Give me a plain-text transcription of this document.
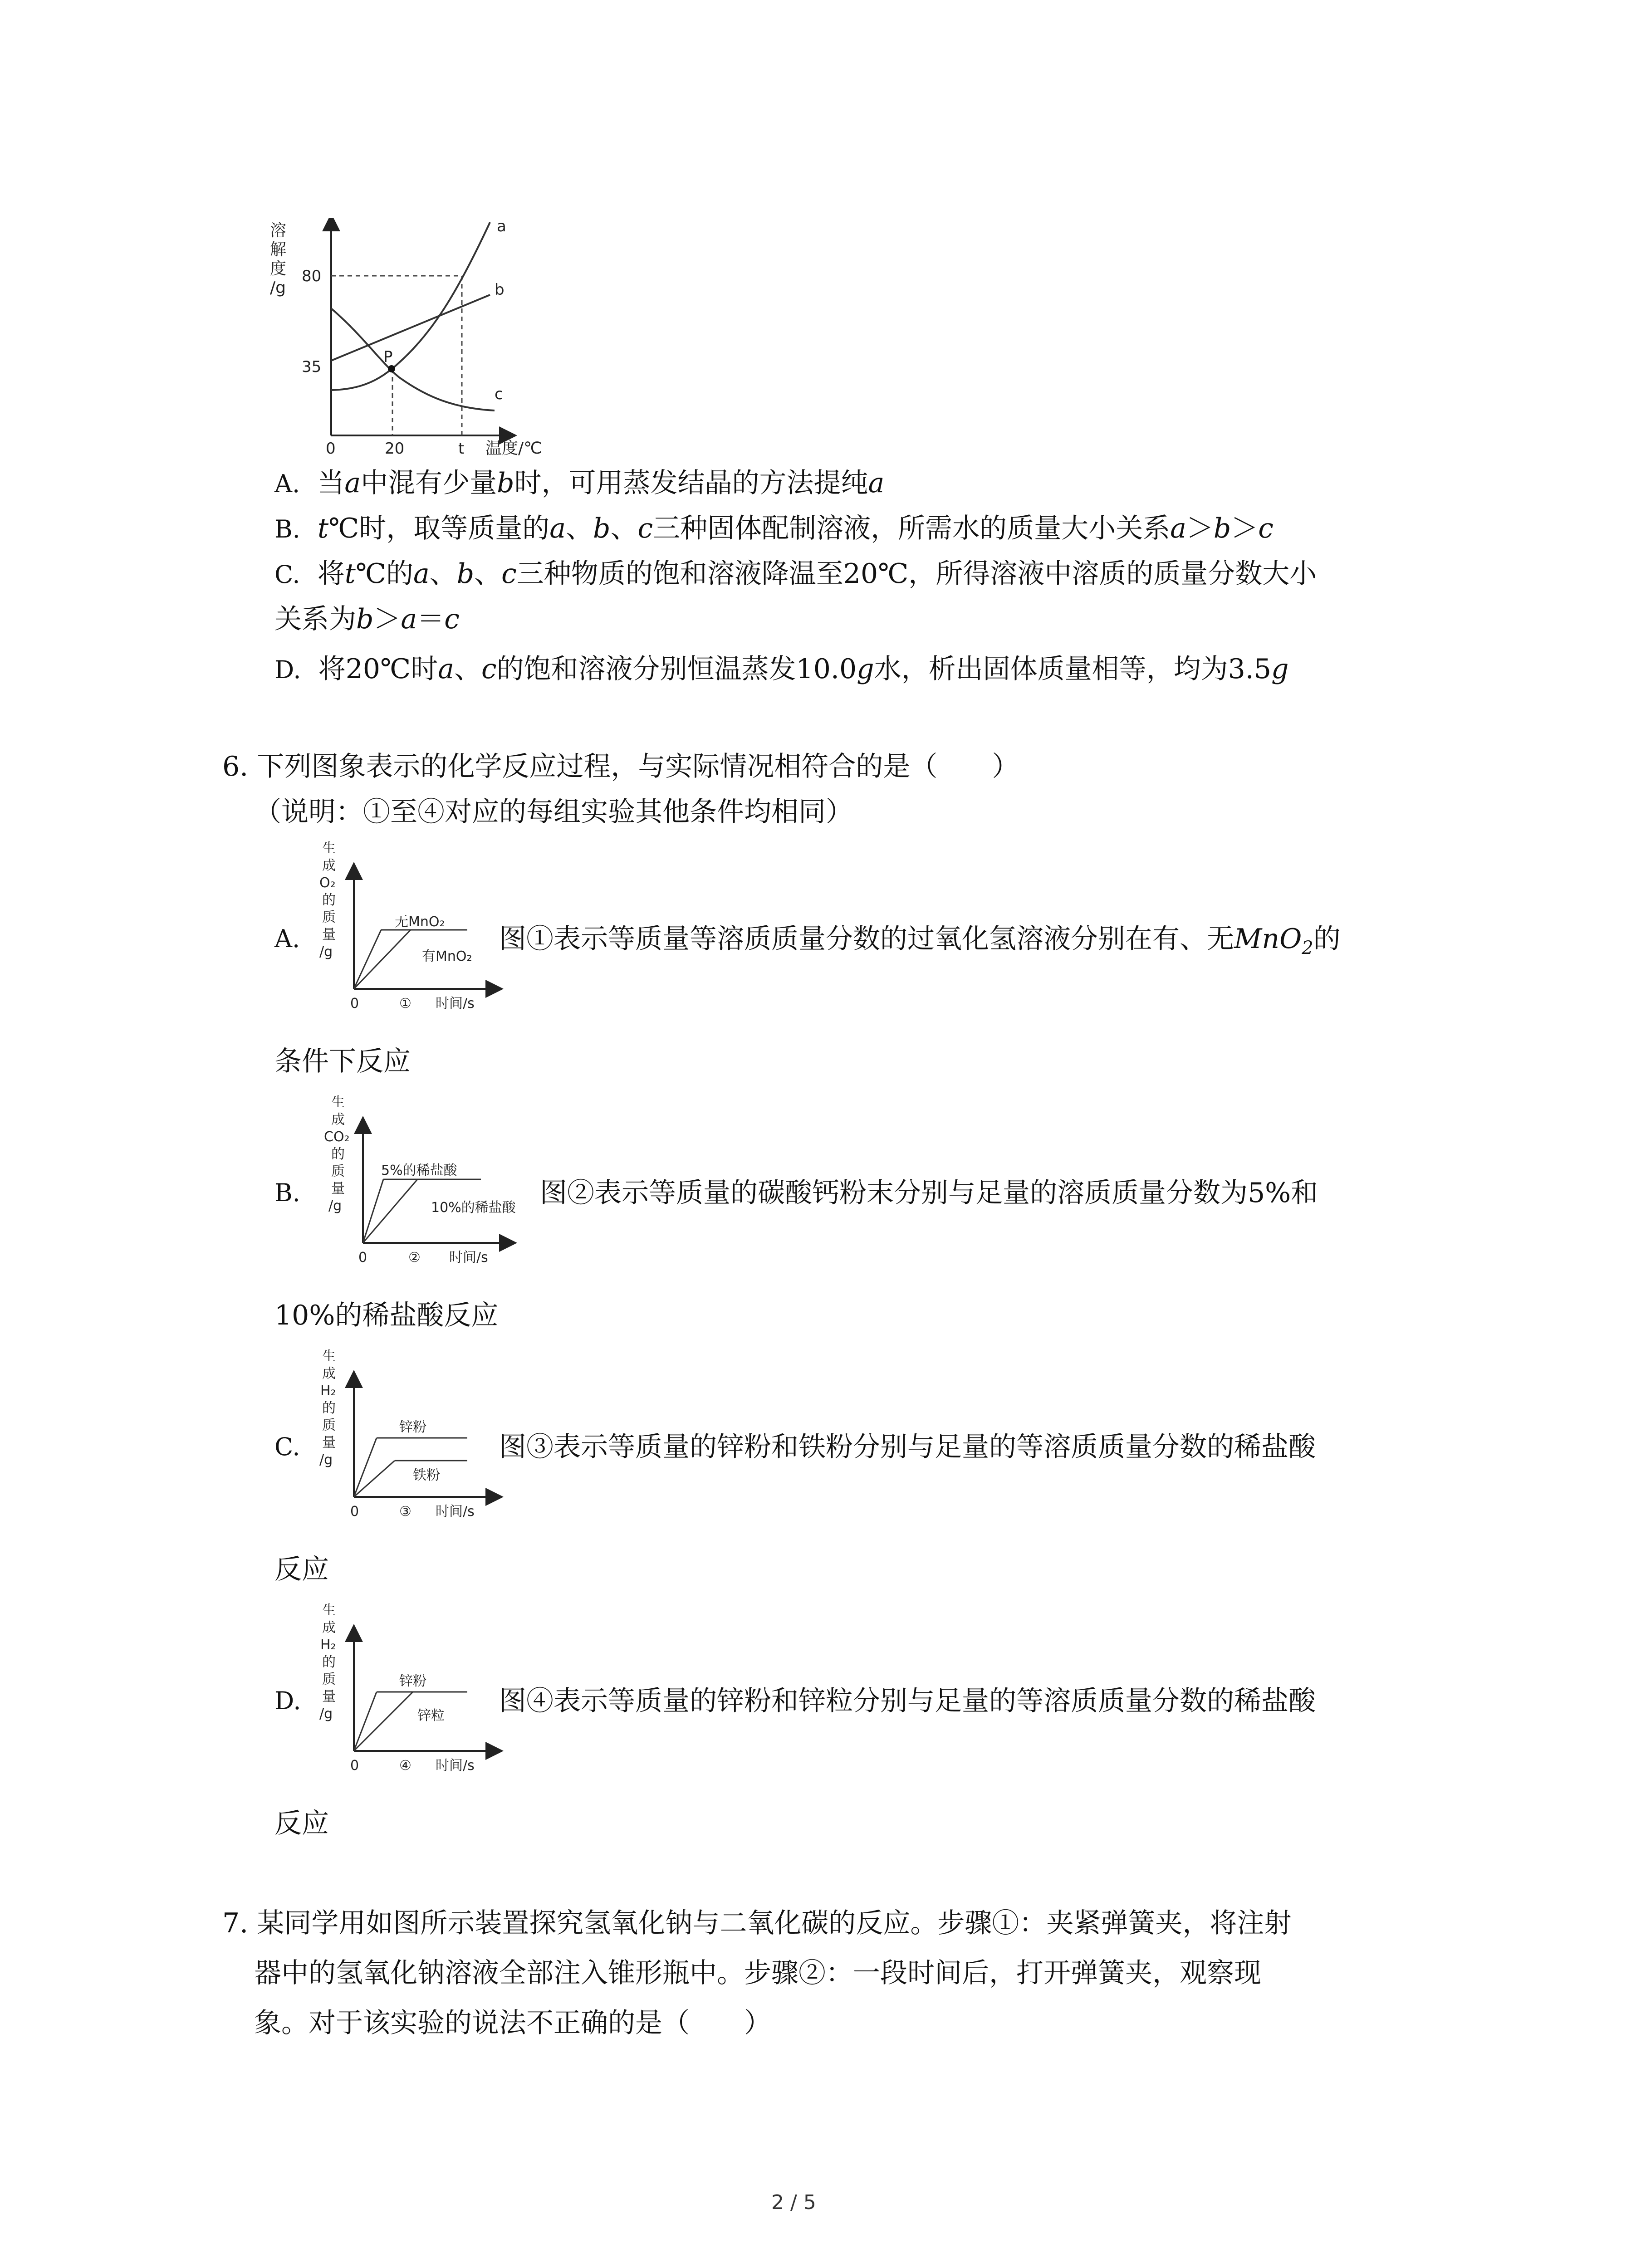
溶
解
度
/g
80
35
0	20	t 温度/℃
P
a
b
c
A. 当a中混有少量b时，可用蒸发结晶的方法提纯a
B. t℃时，取等质量的a、b、c三种固体配制溶液，所需水的质量大小关系a＞b＞c
C. 将t℃的a、b、c三种物质的饱和溶液降温至20℃，所得溶液中溶质的质量分数大小
关系为b＞a＝c
D. 将20℃时a、c的饱和溶液分别恒温蒸发10.0g水，析出固体质量相等，均为3.5g
6. 下列图象表示的化学反应过程，与实际情况相符合的是（　　）
（说明：①至④对应的每组实验其他条件均相同）
A.
生
成
O₂
的
质
量
/g
无MnO₂
有MnO₂
0	① 时间/s
图①表示等质量等溶质质量分数的过氧化氢溶液分别在有、无MnO$_2$的
条件下反应
B.
生
成
CO₂
的
质
量
/g
5%的稀盐酸
10%的稀盐酸
0	② 时间/s
图②表示等质量的碳酸钙粉末分别与足量的溶质质量分数为5%和
10%的稀盐酸反应
C.
生
成
H₂
的
质
量
/g
锌粉
铁粉
0	③ 时间/s
图③表示等质量的锌粉和铁粉分别与足量的等溶质质量分数的稀盐酸
反应
D.
生
成
H₂
的
质
量
/g
锌粉
锌粒
0	④ 时间/s
图④表示等质量的锌粉和锌粒分别与足量的等溶质质量分数的稀盐酸
反应
7. 某同学用如图所示装置探究氢氧化钠与二氧化碳的反应。步骤①：夹紧弹簧夹，将注射
器中的氢氧化钠溶液全部注入锥形瓶中。步骤②：一段时间后，打开弹簧夹，观察现
象。对于该实验的说法不正确的是（　　）
2 / 5
